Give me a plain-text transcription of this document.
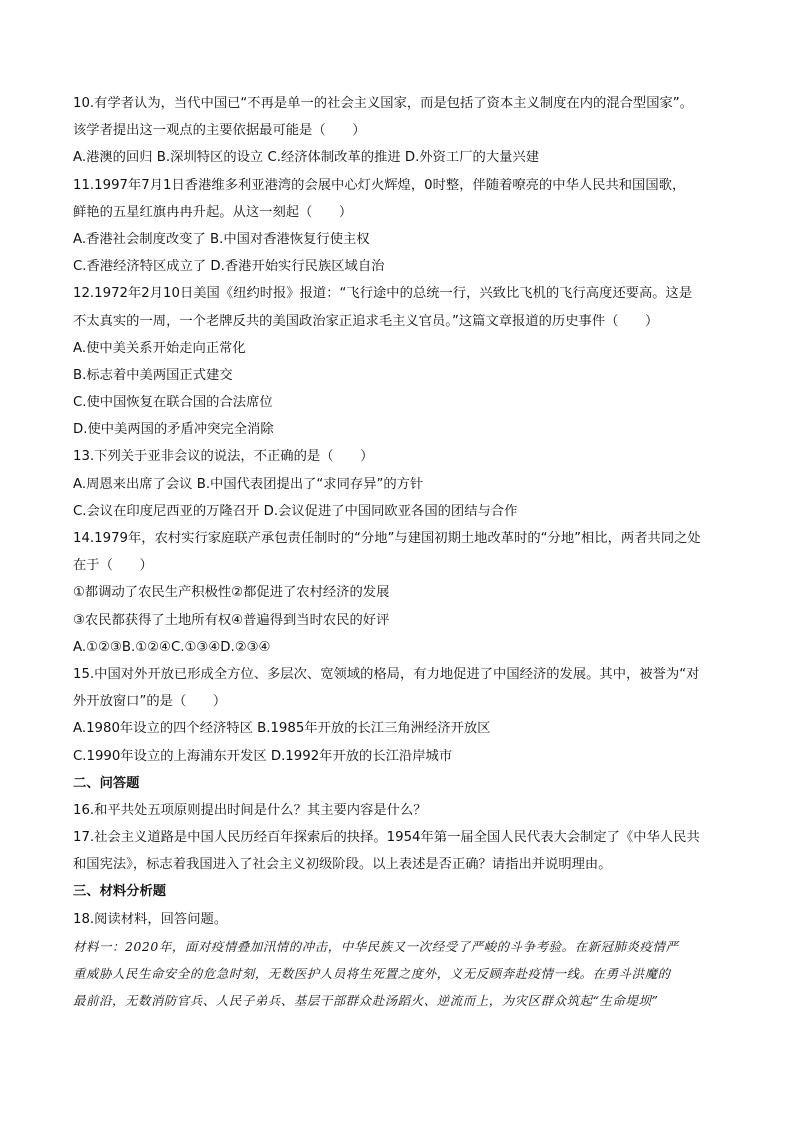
10.有学者认为，当代中国已“不再是单一的社会主义国家，而是包括了资本主义制度在内的混合型国家”。
该学者提出这一观点的主要依据最可能是（　　）
A.港澳的回归 B.深圳特区的设立 C.经济体制改革的推进 D.外资工厂的大量兴建
11.1997年7月1日香港维多利亚港湾的会展中心灯火辉煌，0时整，伴随着嘹亮的中华人民共和国国歌，
鲜艳的五星红旗冉冉升起。从这一刻起（　　）
A.香港社会制度改变了 B.中国对香港恢复行使主权
C.香港经济特区成立了 D.香港开始实行民族区域自治
12.1972年2月10日美国《纽约时报》报道：“飞行途中的总统一行，兴致比飞机的飞行高度还要高。这是
不太真实的一周，一个老牌反共的美国政治家正追求毛主义官员。”这篇文章报道的历史事件（　　）
A.使中美关系开始走向正常化
B.标志着中美两国正式建交
C.使中国恢复在联合国的合法席位
D.使中美两国的矛盾冲突完全消除
13.下列关于亚非会议的说法，不正确的是（　　）
A.周恩来出席了会议 B.中国代表团提出了“求同存异”的方针
C.会议在印度尼西亚的万隆召开 D.会议促进了中国同欧亚各国的团结与合作
14.1979年，农村实行家庭联产承包责任制时的“分地”与建国初期土地改革时的“分地”相比，两者共同之处
在于（　　）
①都调动了农民生产积极性②都促进了农村经济的发展
③农民都获得了土地所有权④普遍得到当时农民的好评
A.①②③B.①②④C.①③④D.②③④
15.中国对外开放已形成全方位、多层次、宽领域的格局，有力地促进了中国经济的发展。其中，被誉为“对
外开放窗口”的是（　　）
A.1980年设立的四个经济特区 B.1985年开放的长江三角洲经济开放区
C.1990年设立的上海浦东开发区 D.1992年开放的长江沿岸城市
二、问答题
16.和平共处五项原则提出时间是什么？其主要内容是什么？
17.社会主义道路是中国人民历经百年探索后的抉择。1954年第一届全国人民代表大会制定了《中华人民共
和国宪法》，标志着我国进入了社会主义初级阶段。以上表述是否正确？请指出并说明理由。
三、材料分析题
18.阅读材料，回答问题。
材料一：2020年，面对疫情叠加汛情的冲击，中华民族又一次经受了严峻的斗争考验。在新冠肺炎疫情严
重威胁人民生命安全的危急时刻，无数医护人员将生死置之度外，义无反顾奔赴疫情一线。在勇斗洪魔的
最前沿，无数消防官兵、人民子弟兵、基层干部群众赴汤蹈火、逆流而上，为灾区群众筑起“生命堤坝”
